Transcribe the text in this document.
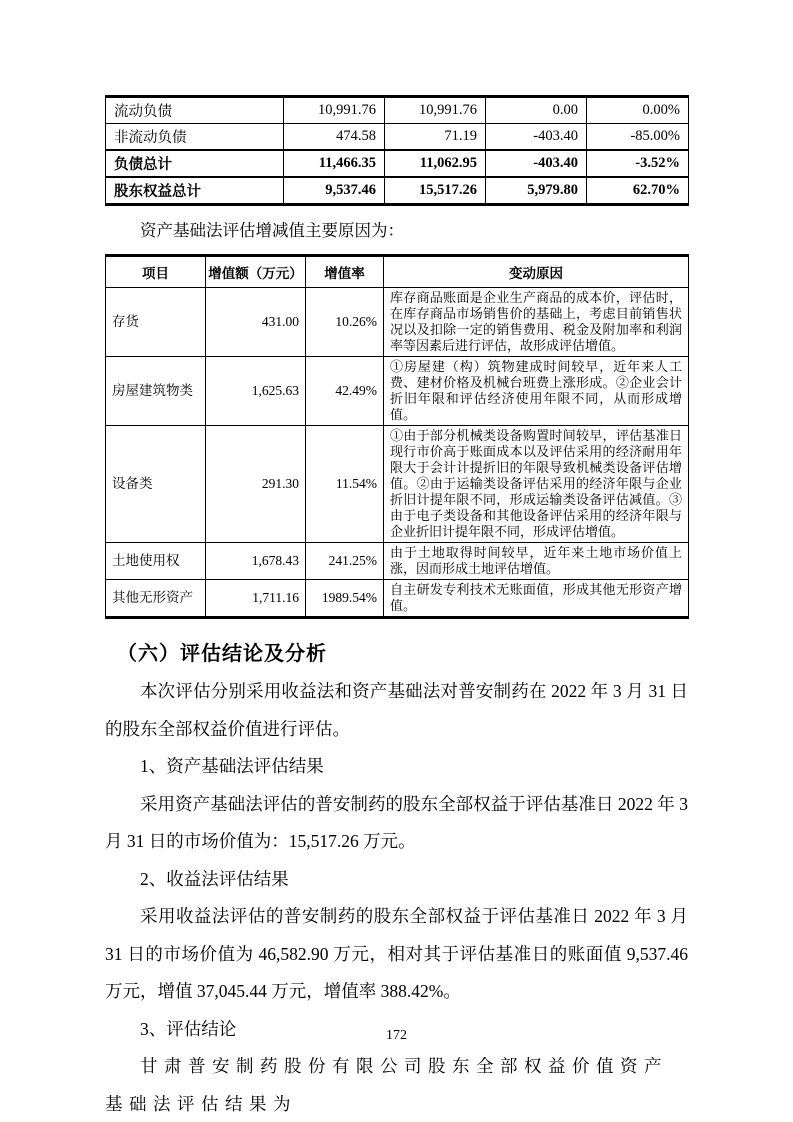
流动负债	10,991.76	10,991.76	0.00	0.00%
非流动负债	474.58	71.19	-403.40	-85.00%
负债总计	11,466.35	11,062.95	-403.40	-3.52%
股东权益总计	9,537.46	15,517.26	5,979.80	62.70%
资产基础法评估增减值主要原因为：
项目	增值额（万元）	增值率	变动原因
存货	431.00	10.26%	库存商品账面是企业生产商品的成本价，评估时，在库存商品市场销售价的基础上，考虑目前销售状况以及扣除一定的销售费用、税金及附加率和利润率等因素后进行评估，故形成评估增值。
房屋建筑物类	1,625.63	42.49%	①房屋建（构）筑物建成时间较早，近年来人工费、建材价格及机械台班费上涨形成。②企业会计折旧年限和评估经济使用年限不同，从而形成增值。
设备类	291.30	11.54%	①由于部分机械类设备购置时间较早，评估基准日现行市价高于账面成本以及评估采用的经济耐用年限大于会计计提折旧的年限导致机械类设备评估增值。②由于运输类设备评估采用的经济年限与企业折旧计提年限不同，形成运输类设备评估减值。③由于电子类设备和其他设备评估采用的经济年限与企业折旧计提年限不同，形成评估增值。
土地使用权	1,678.43	241.25%	由于土地取得时间较早，近年来土地市场价值上涨，因而形成土地评估增值。
其他无形资产	1,711.16	1989.54%	自主研发专利技术无账面值，形成其他无形资产增值。
（六）评估结论及分析

本次评估分别采用收益法和资产基础法对普安制药在 2022 年 3 月 31 日的股东全部权益价值进行评估。

1、资产基础法评估结果

采用资产基础法评估的普安制药的股东全部权益于评估基准日 2022 年 3 月 31 日的市场价值为：15,517.26 万元。

2、收益法评估结果

采用收益法评估的普安制药的股东全部权益于评估基准日 2022 年 3 月 31 日的市场价值为 46,582.90 万元，相对其于评估基准日的账面值 9,537.46 万元，增值 37,045.44 万元，增值率 388.42%。

3、评估结论

甘肃普安制药股份有限公司股东全部权益价值资产基础法评估结果为

172
